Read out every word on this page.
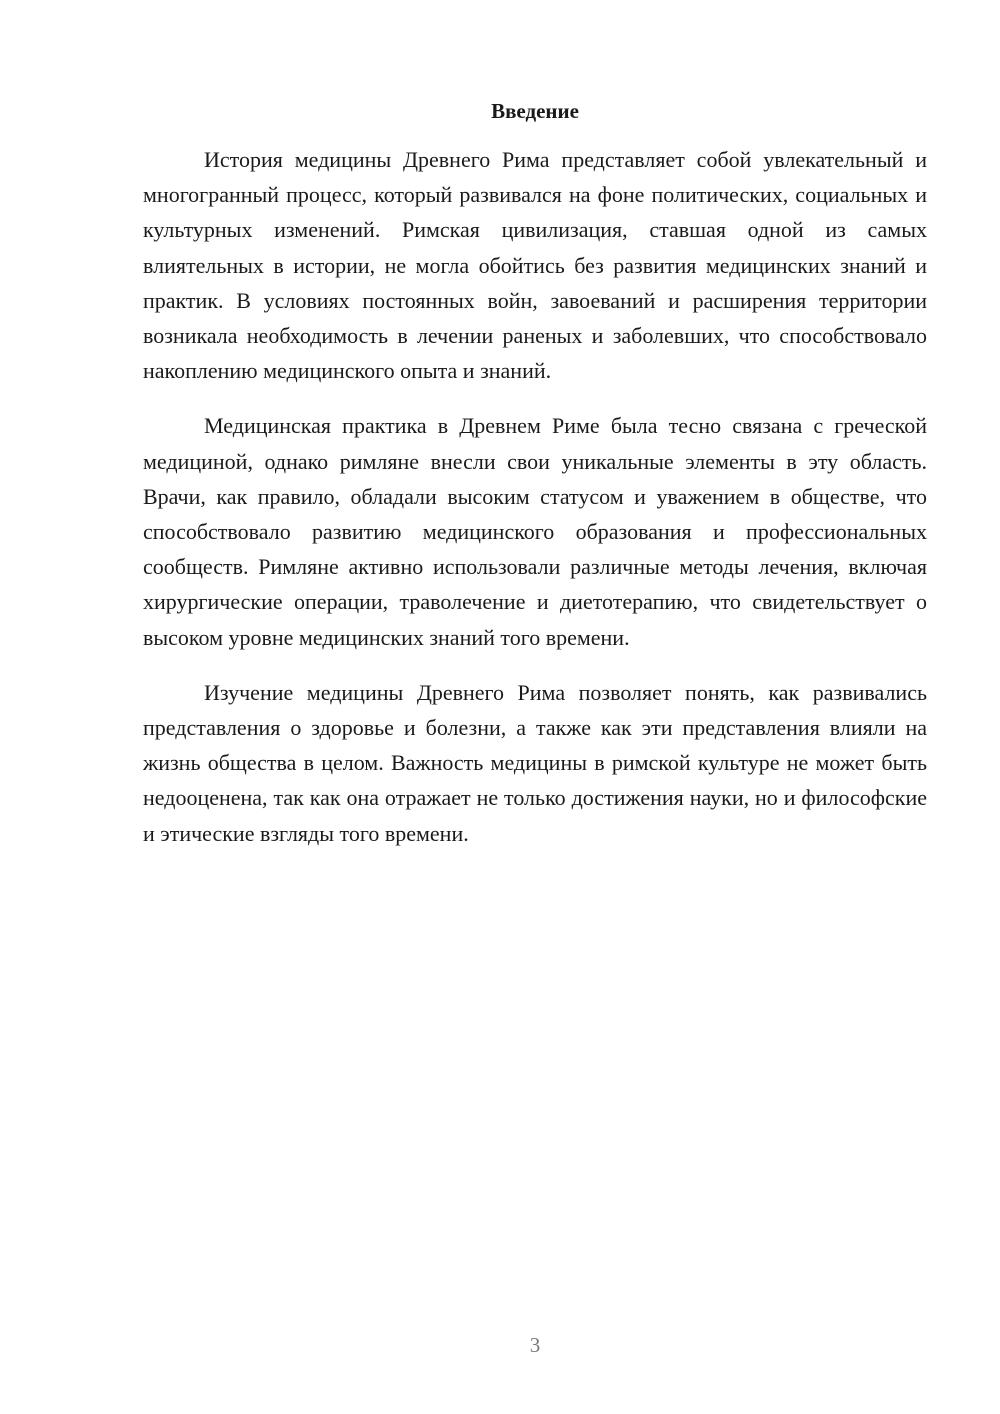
Введение

История медицины Древнего Рима представляет собой увлекательный и многогранный процесс, который развивался на фоне политических, социальных и культурных изменений. Римская цивилизация, ставшая одной из самых влиятельных в истории, не могла обойтись без развития медицинских знаний и практик. В условиях постоянных войн, завоеваний и расширения территории возникала необходимость в лечении раненых и заболевших, что способствовало накоплению медицинского опыта и знаний.

Медицинская практика в Древнем Риме была тесно связана с греческой медициной, однако римляне внесли свои уникальные элементы в эту область. Врачи, как правило, обладали высоким статусом и уважением в обществе, что способствовало развитию медицинского образования и профессиональных сообществ. Римляне активно использовали различные методы лечения, включая хирургические операции, траволечение и диетотерапию, что свидетельствует о высоком уровне медицинских знаний того времени.

Изучение медицины Древнего Рима позволяет понять, как развивались представления о здоровье и болезни, а также как эти представления влияли на жизнь общества в целом. Важность медицины в римской культуре не может быть недооценена, так как она отражает не только достижения науки, но и философские и этические взгляды того времени.

3
